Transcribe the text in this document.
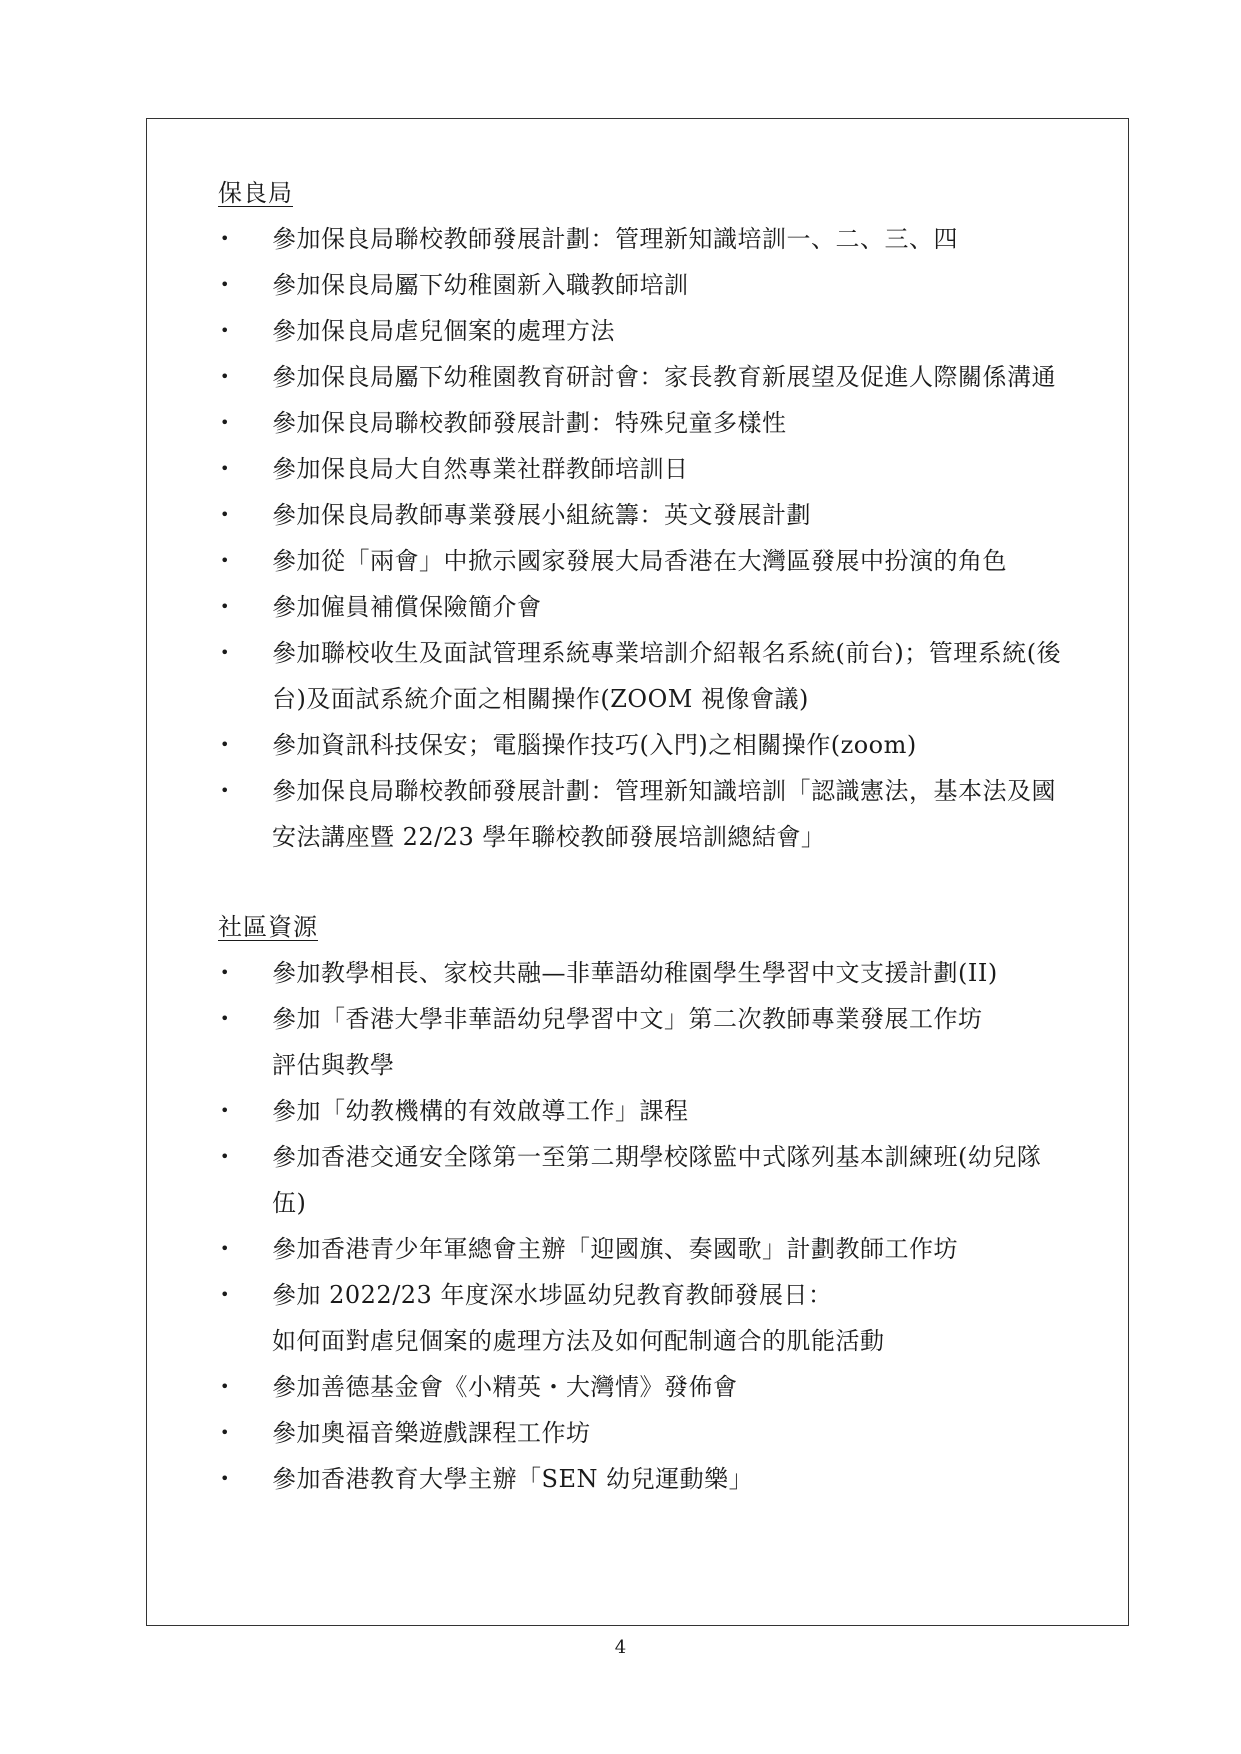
保良局
• 參加保良局聯校教師發展計劃：管理新知識培訓一、二、三、四
• 參加保良局屬下幼稚園新入職教師培訓
• 參加保良局虐兒個案的處理方法
• 參加保良局屬下幼稚園教育研討會：家長教育新展望及促進人際關係溝通
• 參加保良局聯校教師發展計劃：特殊兒童多樣性
• 參加保良局大自然專業社群教師培訓日
• 參加保良局教師專業發展小組統籌：英文發展計劃
• 參加從「兩會」中掀示國家發展大局香港在大灣區發展中扮演的角色
• 參加僱員補償保險簡介會
• 參加聯校收生及面試管理系統專業培訓介紹報名系統(前台)；管理系統(後
台)及面試系統介面之相關操作(ZOOM 視像會議)
• 參加資訊科技保安；電腦操作技巧(入門)之相關操作(zoom)
• 參加保良局聯校教師發展計劃：管理新知識培訓「認識憲法，基本法及國
安法講座暨 22/23 學年聯校教師發展培訓總結會」
社區資源
• 參加教學相長、家校共融—非華語幼稚園學生學習中文支援計劃(II)
• 參加「香港大學非華語幼兒學習中文」第二次教師專業發展工作坊
評估與教學
• 參加「幼教機構的有效啟導工作」課程
• 參加香港交通安全隊第一至第二期學校隊監中式隊列基本訓練班(幼兒隊
伍)
• 參加香港青少年軍總會主辦「迎國旗、奏國歌」計劃教師工作坊
• 參加 2022/23 年度深水埗區幼兒教育教師發展日：
如何面對虐兒個案的處理方法及如何配制適合的肌能活動
• 參加善德基金會《小精英・大灣情》發佈會
• 參加奧福音樂遊戲課程工作坊
• 參加香港教育大學主辦「SEN 幼兒運動樂」
4
